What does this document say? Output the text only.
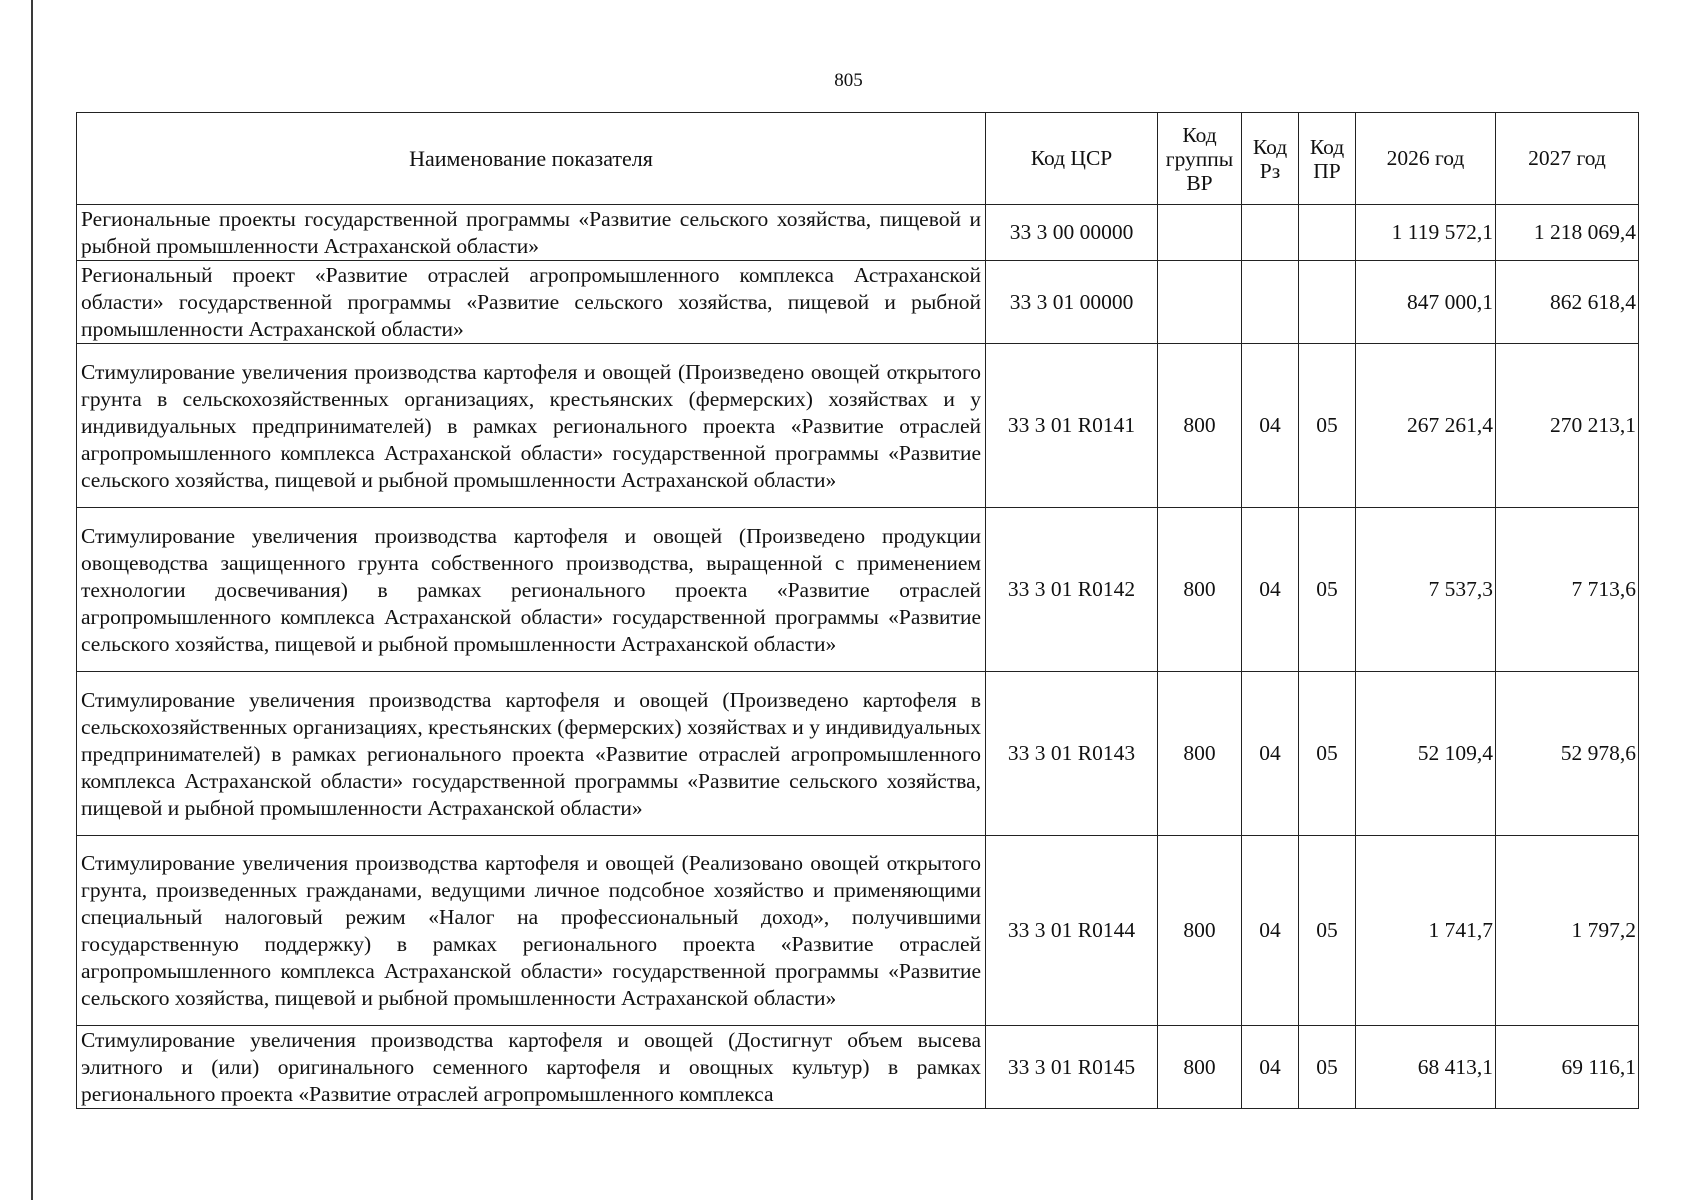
805
Наименование показателя	Код ЦСР	Код группы ВР	Код Рз	Код ПР	2026 год	2027 год
Региональные проекты государственной программы «Развитие сельского хозяйства, пищевой и рыбной промышленности Астраханской области»	33 3 00 00000				1 119 572,1	1 218 069,4
Региональный проект «Развитие отраслей агропромышленного комплекса Астраханской области» государственной программы «Развитие сельского хозяйства, пищевой и рыбной промышленности Астраханской области»	33 3 01 00000				847 000,1	862 618,4
Стимулирование увеличения производства картофеля и овощей (Произведено овощей открытого грунта в сельскохозяйственных организациях, крестьянских (фермерских) хозяйствах и у индивидуальных предпринимателей) в рамках регионального проекта «Развитие отраслей агропромышленного комплекса Астраханской области» государственной программы «Развитие сельского хозяйства, пищевой и рыбной промышленности Астраханской области»	33 3 01 R0141	800	04	05	267 261,4	270 213,1
Стимулирование увеличения производства картофеля и овощей (Произведено продукции овощеводства защищенного грунта собственного производства, выращенной с применением технологии досвечивания) в рамках регионального проекта «Развитие отраслей агропромышленного комплекса Астраханской области» государственной программы «Развитие сельского хозяйства, пищевой и рыбной промышленности Астраханской области»	33 3 01 R0142	800	04	05	7 537,3	7 713,6
Стимулирование увеличения производства картофеля и овощей (Произведено картофеля в сельскохозяйственных организациях, крестьянских (фермерских) хозяйствах и у индивидуальных предпринимателей) в рамках регионального проекта «Развитие отраслей агропромышленного комплекса Астраханской области» государственной программы «Развитие сельского хозяйства, пищевой и рыбной промышленности Астраханской области»	33 3 01 R0143	800	04	05	52 109,4	52 978,6
Стимулирование увеличения производства картофеля и овощей (Реализовано овощей открытого грунта, произведенных гражданами, ведущими личное подсобное хозяйство и применяющими специальный налоговый режим «Налог на профессиональный доход», получившими государственную поддержку) в рамках регионального проекта «Развитие отраслей агропромышленного комплекса Астраханской области» государственной программы «Развитие сельского хозяйства, пищевой и рыбной промышленности Астраханской области»	33 3 01 R0144	800	04	05	1 741,7	1 797,2
Стимулирование увеличения производства картофеля и овощей (Достигнут объем высева элитного и (или) оригинального семенного картофеля и овощных культур) в рамках регионального проекта «Развитие отраслей агропромышленного комплекса	33 3 01 R0145	800	04	05	68 413,1	69 116,1
